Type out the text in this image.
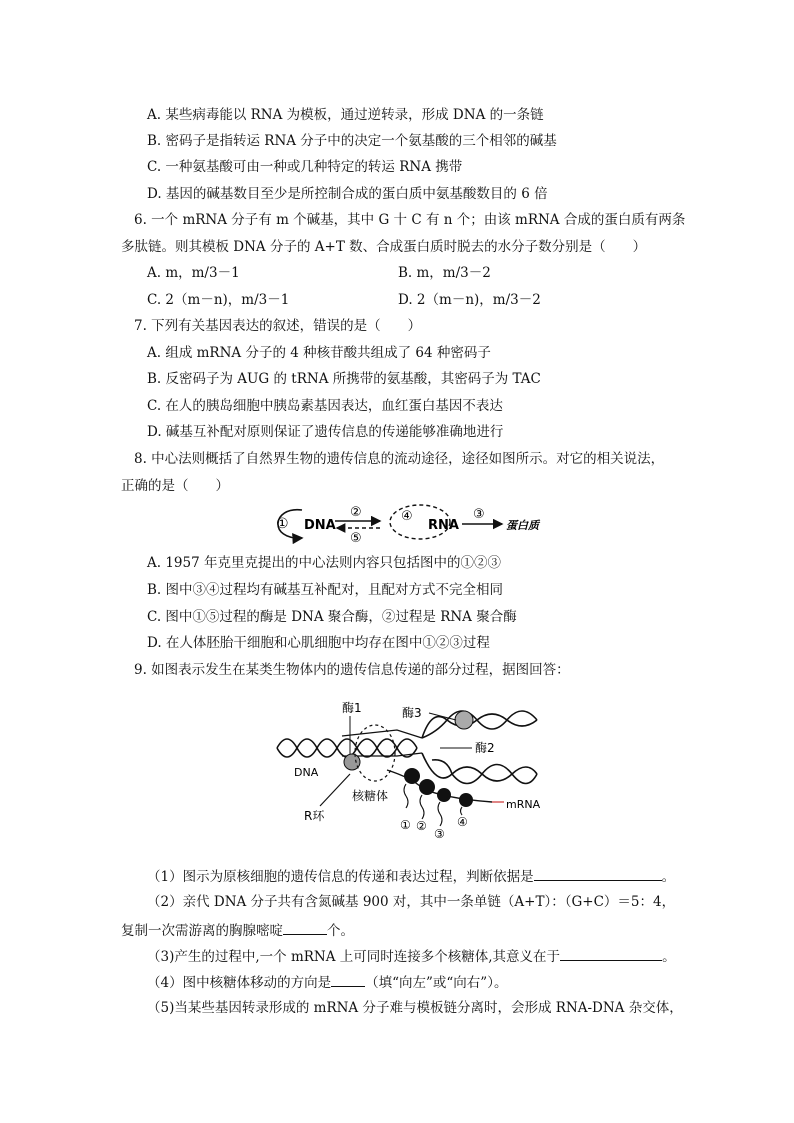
A. 某些病毒能以 RNA 为模板，通过逆转录，形成 DNA 的一条链
B. 密码子是指转运 RNA 分子中的决定一个氨基酸的三个相邻的碱基
C. 一种氨基酸可由一种或几种特定的转运 RNA 携带
D. 基因的碱基数目至少是所控制合成的蛋白质中氨基酸数目的 6 倍
6. 一个 mRNA 分子有 m 个碱基，其中 G 十 C 有 n 个；由该 mRNA 合成的蛋白质有两条
多肽链。则其模板 DNA 分子的 A+T 数、合成蛋白质时脱去的水分子数分别是（　　）
A. m，m/3－1	B. m，m/3－2
C. 2（m－n)，m/3－1	D. 2（m－n)，m/3－2
7. 下列有关基因表达的叙述，错误的是（　　）
A. 组成 mRNA 分子的 4 种核苷酸共组成了 64 种密码子
B. 反密码子为 AUG 的 tRNA 所携带的氨基酸，其密码子为 TAC
C. 在人的胰岛细胞中胰岛素基因表达，血红蛋白基因不表达
D. 碱基互补配对原则保证了遗传信息的传递能够准确地进行
8. 中心法则概括了自然界生物的遗传信息的流动途径，途径如图所示。对它的相关说法，
正确的是（　　）
① DNA
②
⑤
④
RNA
③
蛋白质
A. 1957 年克里克提出的中心法则内容只包括图中的①②③
B. 图中③④过程均有碱基互补配对，且配对方式不完全相同
C. 图中①⑤过程的酶是 DNA 聚合酶，②过程是 RNA 聚合酶
D. 在人体胚胎干细胞和心肌细胞中均存在图中①②③过程
9. 如图表示发生在某类生物体内的遗传信息传递的部分过程，据图回答：
酶1	酶3
酶2
DNA
核糖体
mRNA
R环
① ②
③
④
（1）图示为原核细胞的遗传信息的传递和表达过程，判断依据是	。
（2）亲代 DNA 分子共有含氮碱基 900 对，其中一条单链（A+T）：（G+C）＝5：4，
复制一次需游离的胸腺嘧啶	个。
（3)产生的过程中,一个 mRNA 上可同时连接多个核糖体,其意义在于	。
（4）图中核糖体移动的方向是	（填“向左”或“向右”）。
（5)当某些基因转录形成的 mRNA 分子难与模板链分离时，会形成 RNA-DNA 杂交体，
